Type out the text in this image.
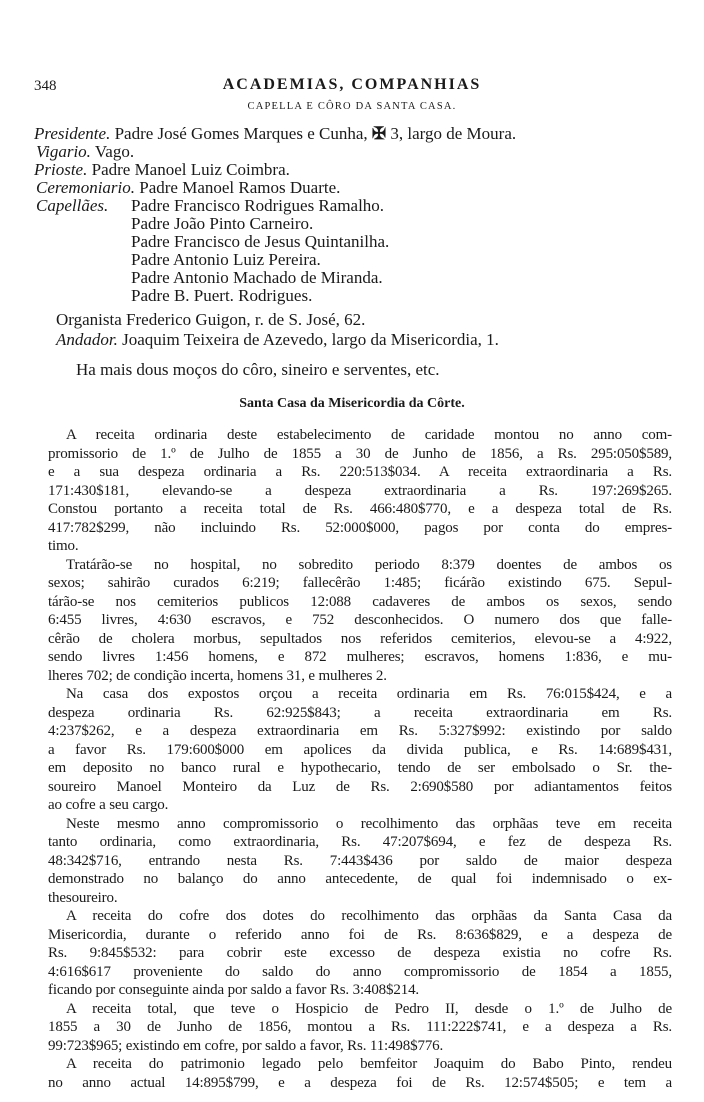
348	ACADEMIAS, COMPANHIAS
CAPELLA E CÔRO DA SANTA CASA.
Presidente. Padre José Gomes Marques e Cunha, ✠ 3, largo de Moura.
Vigario. Vago.
Prioste. Padre Manoel Luiz Coimbra.
Ceremoniario. Padre Manoel Ramos Duarte.
Capellães. Padre Francisco Rodrigues Ramalho.
Padre João Pinto Carneiro.
Padre Francisco de Jesus Quintanilha.
Padre Antonio Luiz Pereira.
Padre Antonio Machado de Miranda.
Padre B. Puert. Rodrigues.
Organista Frederico Guigon, r. de S. José, 62.
Andador. Joaquim Teixeira de Azevedo, largo da Misericordia, 1.
Ha mais dous moços do côro, sineiro e serventes, etc.
Santa Casa da Misericordia da Côrte.
A receita ordinaria deste estabelecimento de caridade montou no anno com-
promissorio de 1.º de Julho de 1855 a 30 de Junho de 1856, a Rs. 295:050$589,
e a sua despeza ordinaria a Rs. 220:513$034. A receita extraordinaria a Rs.
171:430$181, elevando-se a despeza extraordinaria a Rs. 197:269$265.
Constou portanto a receita total de Rs. 466:480$770, e a despeza total de Rs.
417:782$299, não incluindo Rs. 52:000$000, pagos por conta do empres-
timo.
Tratárão-se no hospital, no sobredito periodo 8:379 doentes de ambos os
sexos; sahirão curados 6:219; fallecêrão 1:485; ficárão existindo 675. Sepul-
tárão-se nos cemiterios publicos 12:088 cadaveres de ambos os sexos, sendo
6:455 livres, 4:630 escravos, e 752 desconhecidos. O numero dos que falle-
cêrão de cholera morbus, sepultados nos referidos cemiterios, elevou-se a 4:922,
sendo livres 1:456 homens, e 872 mulheres; escravos, homens 1:836, e mu-
lheres 702; de condição incerta, homens 31, e mulheres 2.
Na casa dos expostos orçou a receita ordinaria em Rs. 76:015$424, e a
despeza ordinaria Rs. 62:925$843; a receita extraordinaria em Rs.
4:237$262, e a despeza extraordinaria em Rs. 5:327$992: existindo por saldo
a favor Rs. 179:600$000 em apolices da divida publica, e Rs. 14:689$431,
em deposito no banco rural e hypothecario, tendo de ser embolsado o Sr. the-
soureiro Manoel Monteiro da Luz de Rs. 2:690$580 por adiantamentos feitos
ao cofre a seu cargo.
Neste mesmo anno compromissorio o recolhimento das orphãas teve em receita
tanto ordinaria, como extraordinaria, Rs. 47:207$694, e fez de despeza Rs.
48:342$716, entrando nesta Rs. 7:443$436 por saldo de maior despeza
demonstrado no balanço do anno antecedente, de qual foi indemnisado o ex-
thesoureiro.
A receita do cofre dos dotes do recolhimento das orphãas da Santa Casa da
Misericordia, durante o referido anno foi de Rs. 8:636$829, e a despeza de
Rs. 9:845$532: para cobrir este excesso de despeza existia no cofre Rs.
4:616$617 proveniente do saldo do anno compromissorio de 1854 a 1855,
ficando por conseguinte ainda por saldo a favor Rs. 3:408$214.
A receita total, que teve o Hospicio de Pedro II, desde o 1.º de Julho de
1855 a 30 de Junho de 1856, montou a Rs. 111:222$741, e a despeza a Rs.
99:723$965; existindo em cofre, por saldo a favor, Rs. 11:498$776.
A receita do patrimonio legado pelo bemfeitor Joaquim do Babo Pinto, rendeu
no anno actual 14:895$799, e a despeza foi de Rs. 12:574$505; e tem a
